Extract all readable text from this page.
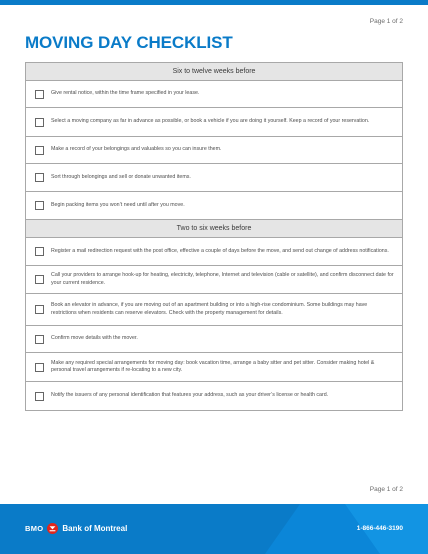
Page 1 of 2
MOVING DAY CHECKLIST
Six to twelve weeks before
Give rental notice, within the time frame specified in your lease.
Select a moving company as far in advance as possible, or book a vehicle if you are doing it yourself. Keep a record of your reservation.
Make a record of your belongings and valuables so you can insure them.
Sort through belongings and sell or donate unwanted items.
Begin packing items you won’t need until after you move.
Two to six weeks before
Register a mail redirection request with the post office, effective a couple of days before the move, and send out change of address notifications.
Call your providers to arrange hook-up for heating, electricity, telephone, Internet and television (cable or satellite), and confirm disconnect date for your current residence.
Book an elevator in advance, if you are moving out of an apartment building or into a high-rise condominium. Some buildings may have restrictions when residents can reserve elevators. Check with the property management for details.
Confirm move details with the mover.
Make any required special arrangements for moving day: book vacation time, arrange a baby sitter and pet sitter. Consider making hotel & personal travel arrangements if re-locating to a new city.
Notify the issuers of any personal identification that features your address, such as your driver’s license or health card.
Page 1 of 2
BMO Bank of Montreal	1-866-446-3190
